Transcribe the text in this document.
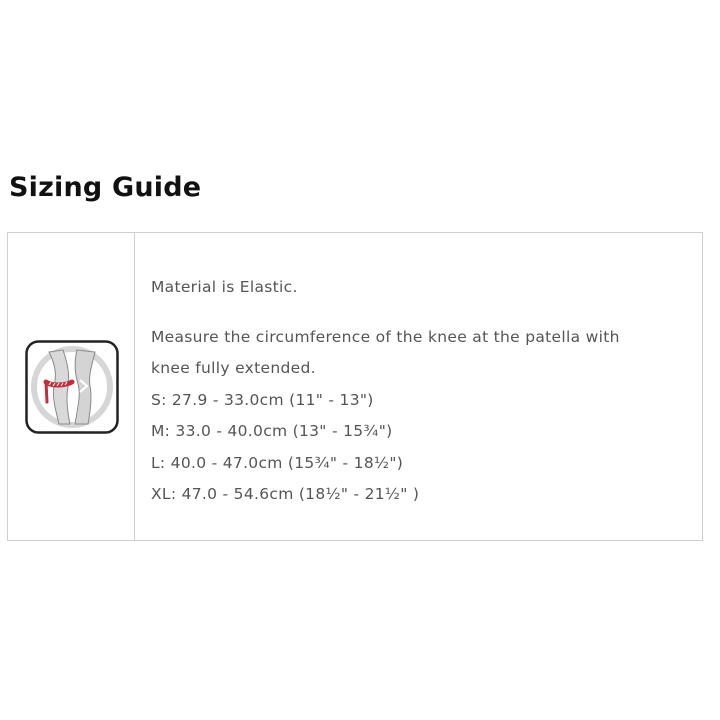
Sizing Guide

Material is Elastic.

Measure the circumference of the knee at the patella with

knee fully extended.

S: 27.9 - 33.0cm (11" - 13")

M: 33.0 - 40.0cm (13" - 15¾")

L: 40.0 - 47.0cm (15¾" - 18½")

XL: 47.0 - 54.6cm (18½" - 21½" )
